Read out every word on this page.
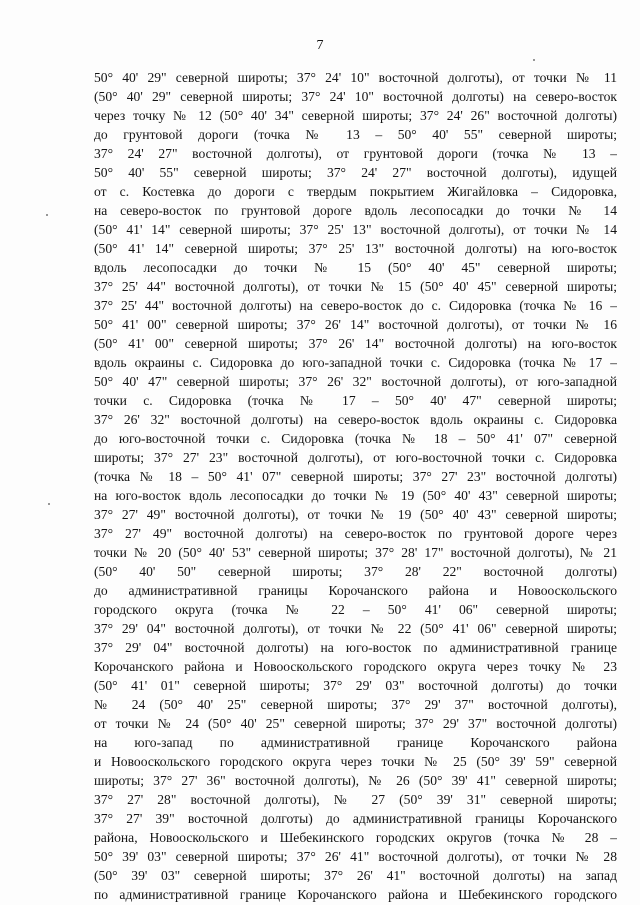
7
50° 40' 29" северной широты; 37° 24' 10" восточной долготы), от точки № 11
(50° 40' 29" северной широты; 37° 24' 10" восточной долготы) на северо-восток
через точку № 12 (50° 40' 34" северной широты; 37° 24' 26" восточной долготы)
до грунтовой дороги (точка № 13 – 50° 40' 55" северной широты;
37° 24' 27" восточной долготы), от грунтовой дороги (точка № 13 –
50° 40' 55" северной широты; 37° 24' 27" восточной долготы), идущей
от с. Костевка до дороги с твердым покрытием Жигайловка – Сидоровка,
на северо-восток по грунтовой дороге вдоль лесопосадки до точки № 14
(50° 41' 14" северной широты; 37° 25' 13" восточной долготы), от точки № 14
(50° 41' 14" северной широты; 37° 25' 13" восточной долготы) на юго-восток
вдоль лесопосадки до точки № 15 (50° 40' 45" северной широты;
37° 25' 44" восточной долготы), от точки № 15 (50° 40' 45" северной широты;
37° 25' 44" восточной долготы) на северо-восток до с. Сидоровка (точка № 16 –
50° 41' 00" северной широты; 37° 26' 14" восточной долготы), от точки № 16
(50° 41' 00" северной широты; 37° 26' 14" восточной долготы) на юго-восток
вдоль окраины с. Сидоровка до юго-западной точки с. Сидоровка (точка № 17 –
50° 40' 47" северной широты; 37° 26' 32" восточной долготы), от юго-западной
точки с. Сидоровка (точка № 17 – 50° 40' 47" северной широты;
37° 26' 32" восточной долготы) на северо-восток вдоль окраины с. Сидоровка
до юго-восточной точки с. Сидоровка (точка № 18 – 50° 41' 07" северной
широты; 37° 27' 23" восточной долготы), от юго-восточной точки с. Сидоровка
(точка № 18 – 50° 41' 07" северной широты; 37° 27' 23" восточной долготы)
на юго-восток вдоль лесопосадки до точки № 19 (50° 40' 43" северной широты;
37° 27' 49" восточной долготы), от точки № 19 (50° 40' 43" северной широты;
37° 27' 49" восточной долготы) на северо-восток по грунтовой дороге через
точки № 20 (50° 40' 53" северной широты; 37° 28' 17" восточной долготы), № 21
(50° 40' 50" северной широты; 37° 28' 22" восточной долготы)
до административной границы Корочанского района и Новооскольского
городского округа (точка № 22 – 50° 41' 06" северной широты;
37° 29' 04" восточной долготы), от точки № 22 (50° 41' 06" северной широты;
37° 29' 04" восточной долготы) на юго-восток по административной границе
Корочанского района и Новооскольского городского округа через точку № 23
(50° 41' 01" северной широты; 37° 29' 03" восточной долготы) до точки
№ 24 (50° 40' 25" северной широты; 37° 29' 37" восточной долготы),
от точки № 24 (50° 40' 25" северной широты; 37° 29' 37" восточной долготы)
на юго-запад по административной границе Корочанского района
и Новооскольского городского округа через точки № 25 (50° 39' 59" северной
широты; 37° 27' 36" восточной долготы), № 26 (50° 39' 41" северной широты;
37° 27' 28" восточной долготы), № 27 (50° 39' 31" северной широты;
37° 27' 39" восточной долготы) до административной границы Корочанского
района, Новооскольского и Шебекинского городских округов (точка № 28 –
50° 39' 03" северной широты; 37° 26' 41" восточной долготы), от точки № 28
(50° 39' 03" северной широты; 37° 26' 41" восточной долготы) на запад
по административной границе Корочанского района и Шебекинского городского
